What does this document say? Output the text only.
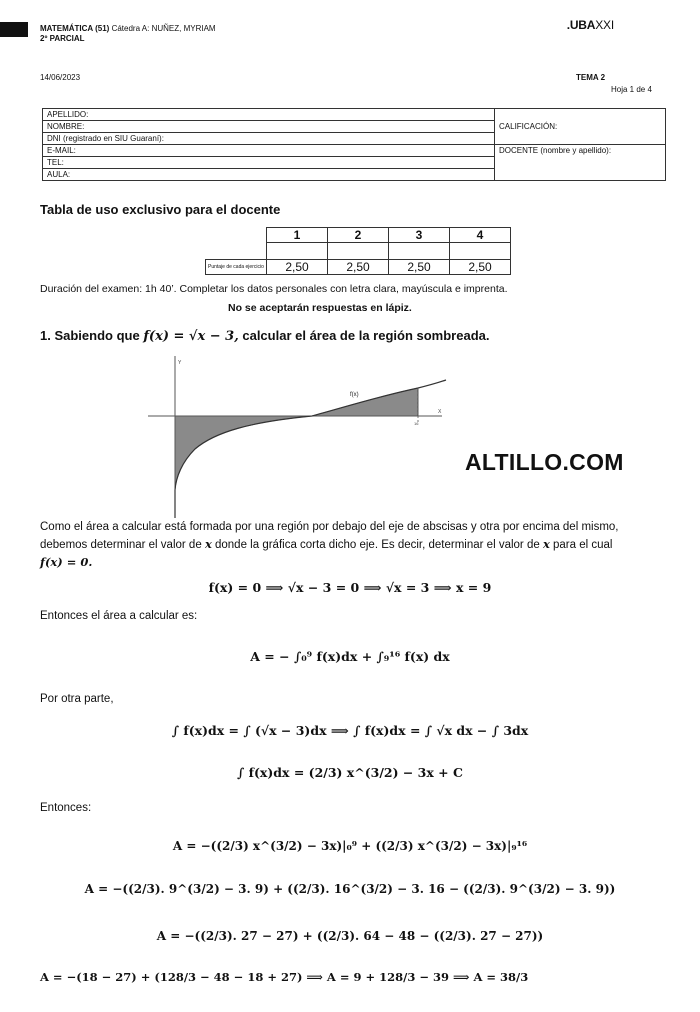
MATEMÁTICA (51) Cátedra A: NUÑEZ, MYRIAM
2º PARCIAL
.UBAXXI
14/06/2023	TEMA 2
Hoja 1 de 4
APELLIDO:	CALIFICACIÓN:
NOMBRE:	
DNI (registrado en SIU Guaraní):	
E-MAIL:	DOCENTE (nombre y apellido):
TEL:	
AULA:	
Tabla de uso exclusivo para el docente
	1	2	3	4

Puntaje de cada ejercicio	2,50	2,50	2,50	2,50
Duración del examen: 1h 40’. Completar los datos personales con letra clara, mayúscula e imprenta.
No se aceptarán respuestas en lápiz.
1. Sabiendo que f(x) = √x − 3, calcular el área de la región sombreada.
Y
X
f(x)
16
ALTILLO.COM
Como el área a calcular está formada por una región por debajo del eje de abscisas y otra por encima del mismo,
debemos determinar el valor de x donde la gráfica corta dicho eje. Es decir, determinar el valor de x para el cual
f(x) = 0.
f(x) = 0 ⟹ √x − 3 = 0 ⟹ √x = 3 ⟹ x = 9
Entonces el área a calcular es:
A = − ∫₀⁹ f(x)dx + ∫₉¹⁶ f(x) dx
Por otra parte,
∫ f(x)dx = ∫ (√x − 3)dx ⟹ ∫ f(x)dx = ∫ √x dx − ∫ 3dx
∫ f(x)dx = (2/3) x^(3/2) − 3x + C
Entonces:
A = −((2/3) x^(3/2) − 3x)|₀⁹ + ((2/3) x^(3/2) − 3x)|₉¹⁶
A = −((2/3). 9^(3/2) − 3. 9) + ((2/3). 16^(3/2) − 3. 16 − ((2/3). 9^(3/2) − 3. 9))
A = −((2/3). 27 − 27) + ((2/3). 64 − 48 − ((2/3). 27 − 27))
A = −(18 − 27) + (128/3 − 48 − 18 + 27) ⟹ A = 9 + 128/3 − 39 ⟹ A = 38/3
